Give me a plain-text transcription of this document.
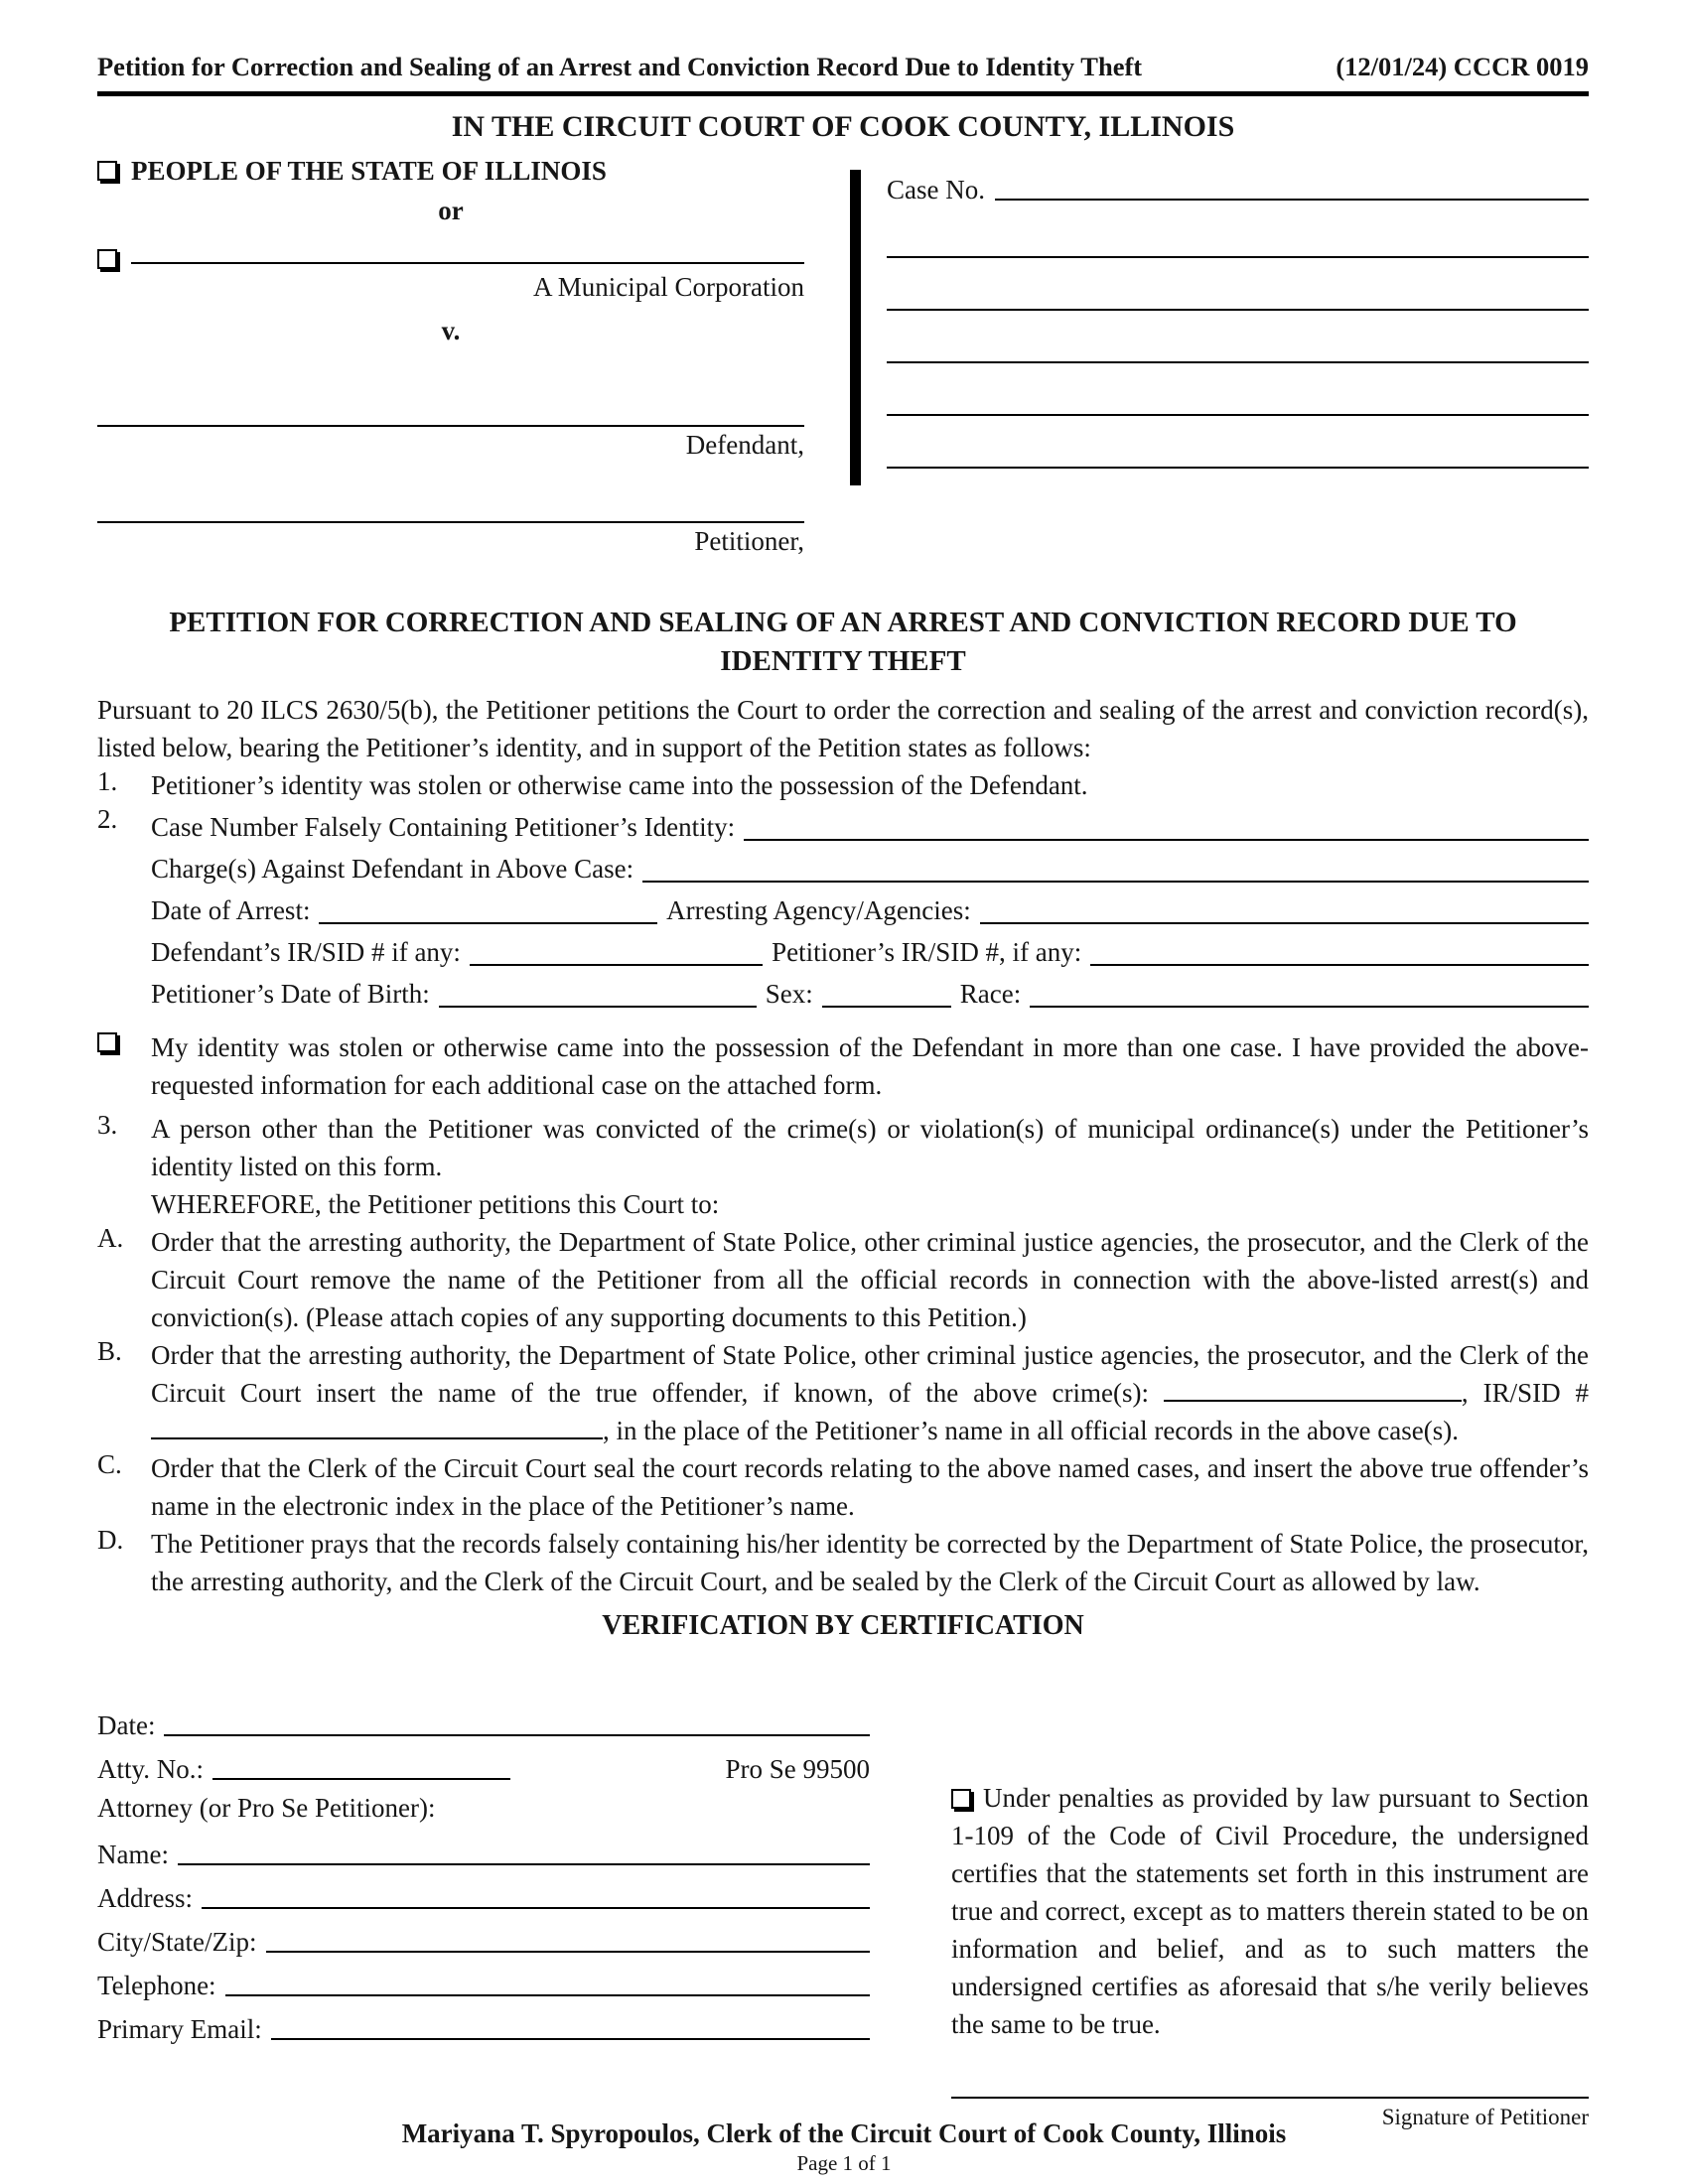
Petition for Correction and Sealing of an Arrest and Conviction Record Due to Identity Theft	(12/01/24) CCCR 0019
IN THE CIRCUIT COURT OF COOK COUNTY, ILLINOIS
PEOPLE OF THE STATE OF ILLINOIS
or
A Municipal Corporation
v.
Defendant,
Petitioner,
Case No.
PETITION FOR CORRECTION AND SEALING OF AN ARREST AND CONVICTION RECORD DUE TO IDENTITY THEFT

Pursuant to 20 ILCS 2630/5(b), the Petitioner petitions the Court to order the correction and sealing of the arrest and conviction record(s), listed below, bearing the Petitioner’s identity, and in support of the Petition states as follows:

1.	Petitioner’s identity was stolen or otherwise came into the possession of the Defendant.
2.	Case Number Falsely Containing Petitioner’s Identity:
Charge(s) Against Defendant in Above Case:
Date of Arrest:	Arresting Agency/Agencies:
Defendant’s IR/SID # if any:	Petitioner’s IR/SID #, if any:
Petitioner’s Date of Birth:	Sex:	Race:
My identity was stolen or otherwise came into the possession of the Defendant in more than one case. I have provided the above-requested information for each additional case on the attached form.
3.	A person other than the Petitioner was convicted of the crime(s) or violation(s) of municipal ordinance(s) under the Petitioner’s identity listed on this form.
WHEREFORE, the Petitioner petitions this Court to:
A.	Order that the arresting authority, the Department of State Police, other criminal justice agencies, the prosecutor, and the Clerk of the Circuit Court remove the name of the Petitioner from all the official records in connection with the above-listed arrest(s) and conviction(s). (Please attach copies of any supporting documents to this Petition.)
B.	Order that the arresting authority, the Department of State Police, other criminal justice agencies, the prosecutor, and the Clerk of the Circuit Court insert the name of the true offender, if known, of the above crime(s):	, IR/SID # , in the place of the Petitioner’s name in all official records in the above case(s).
C.	Order that the Clerk of the Circuit Court seal the court records relating to the above named cases, and insert the above true offender’s name in the electronic index in the place of the Petitioner’s name.
D.	The Petitioner prays that the records falsely containing his/her identity be corrected by the Department of State Police, the prosecutor, the arresting authority, and the Clerk of the Circuit Court, and be sealed by the Clerk of the Circuit Court as allowed by law.
VERIFICATION BY CERTIFICATION
Date:
Atty. No.:	Pro Se 99500
Attorney (or Pro Se Petitioner):
Name:
Address:
City/State/Zip:
Telephone:
Primary Email:

Under penalties as provided by law pursuant to Section 1-109 of the Code of Civil Procedure, the undersigned certifies that the statements set forth in this instrument are true and correct, except as to matters therein stated to be on information and belief, and as to such matters the undersigned certifies as aforesaid that s/he verily believes the same to be true.

Signature of Petitioner
Mariyana T. Spyropoulos, Clerk of the Circuit Court of Cook County, Illinois
Page 1 of 1
